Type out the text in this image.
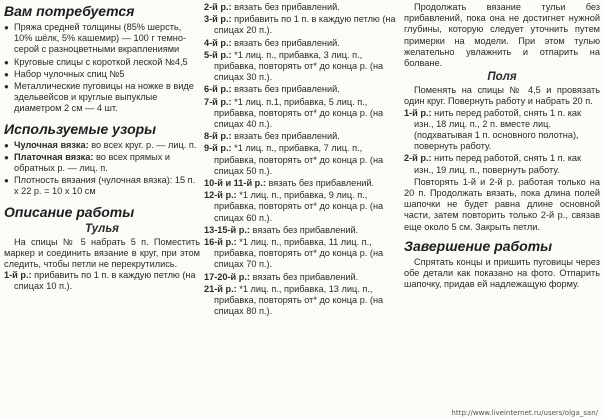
Вам потребуется
● Пряжа средней толщины (85% шерсть, 10% шёлк, 5% кашемир) — 100 г темно-серой с разноцветными вкраплениями
● Круговые спицы с короткой леской №4,5
● Набор чулочных спиц №5
● Металлические пуговицы на ножке в виде эдельвейсов и круглые выпуклые диаметром 2 см — 4 шт.
Используемые узоры
● Чулочная вязка: во всех круг. р. — лиц. п.
● Платочная вязка: во всех прямых и обратных р. — лиц. п.
● Плотность вязания (чулочная вязка): 15 п. х 22 р. = 10 х 10 см
Описание работы
Тулья
На спицы № 5 набрать 5 п. Поместить маркер и соединить вязание в круг, при этом следить, чтобы петли не перекрутились.
1-й р.: прибавить по 1 п. в каждую петлю (на спицах 10 п.).
2-й р.: вязать без прибавлений.
3-й р.: прибавить по 1 п. в каждую петлю (на спицах 20 п.).
4-й р.: вязать без прибавлений.
5-й р.: *1 лиц. п., прибавка, 3 лиц. п., прибавка, повторять от* до конца р. (на спицах 30 п.).
6-й р.: вязать без прибавлений.
7-й р.: *1 лиц. п.1, прибавка, 5 лиц. п., прибавка, повторять от* до конца р. (на спицах 40 п.).
8-й р.: вязать без прибавлений.
9-й р.: *1 лиц. п., прибавка, 7 лиц. п., прибавка, повторять от* до конца р. (на спицах 50 п.).
10-й и 11-й р.: вязать без прибавлений.
12-й р.: *1 лиц. п., прибавка, 9 лиц. п., прибавка, повторять от* до конца р. (на спицах 60 п.).
13-15-й р.: вязать без прибавлений.
16-й р.: *1 лиц. п., прибавка, 11 лиц. п., прибавка, повторять от* до конца р. (на спицах 70 п.).
17-20-й р.: вязать без прибавлений.
21-й р.: *1 лиц. п., прибавка, 13 лиц. п., прибавка, повторять от* до конца р. (на спицах 80 п.).
Продолжать вязание тульи без прибавлений, пока она не достигнет нужной глубины, которую следует уточнить путем примерки на модели. При этом тулью желательно увлажнить и отпарить на болване.
Поля
Поменять на спицы № 4,5 и провязать один круг. Повернуть работу и набрать 20 п.
1-й р.: нить перед работой, снять 1 п. как изн., 18 лиц. п., 2 п. вместе лиц. (подхватывая 1 п. основного полотна), повернуть работу.
2-й р.: нить перед работой, снять 1 п. как изн., 19 лиц. п., повернуть работу.
Повторять 1-й и 2-й р. работая только на 20 п. Продолжать вязать, пока длина полей шапочки не будет равна длине основной части, затем повторить только 2-й р., связав еще около 5 см. Закрыть петли.
Завершение работы
Спрятать концы и пришить пуговицы через обе детали как показано на фото. Отпарить шапочку, придав ей надлежащую форму.
http://www.liveinternet.ru/users/olga_san/
